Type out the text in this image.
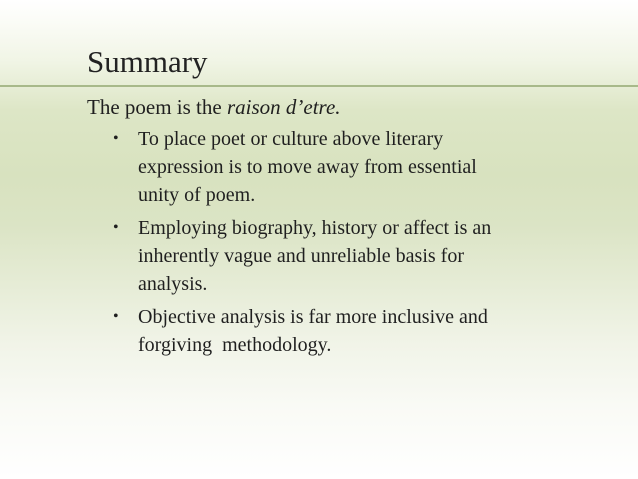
Summary
The poem is the raison d’etre.
• To place poet or culture above literary
expression is to move away from essential
unity of poem.
• Employing biography, history or affect is an
inherently vague and unreliable basis for
analysis.
• Objective analysis is far more inclusive and
forgiving  methodology.
